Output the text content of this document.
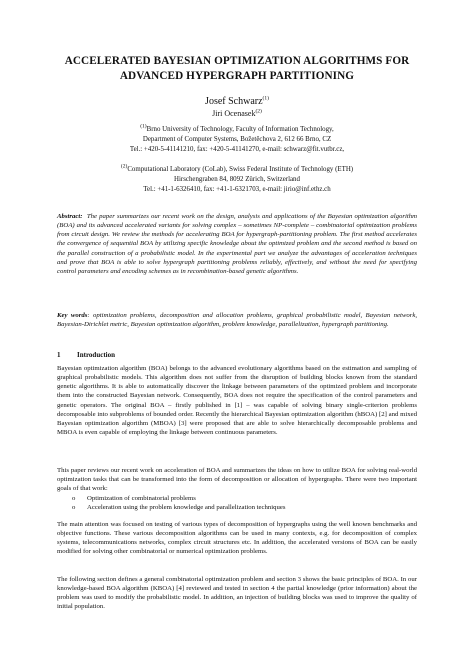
ACCELERATED BAYESIAN OPTIMIZATION ALGORITHMS FOR
ADVANCED HYPERGRAPH PARTITIONING
Josef Schwarz$^{(1)}$
Jiri Ocenasek$^{(2)}$
$^{(1)}$Brno University of Technology, Faculty of Information Technology,
Department of Computer Systems, Božetěchova 2, 612 66 Brno, CZ
Tel.: +420-5-41141210, fax: +420-5-41141270, e-mail: schwarz@fit.vutbr.cz,
$^{(2)}$Computational Laboratory (CoLab), Swiss Federal Institute of Technology (ETH)
Hirschengraben 84, 8092 Zürich, Switzerland
Tel.: +41-1-6326410, fax: +41-1-6321703, e-mail: jirio@inf.ethz.ch
Abstract: The paper summarizes our recent work on the design, analysis and applications of the Bayesian optimization algorithm (BOA) and its advanced accelerated variants for solving complex – sometimes NP-complete – combinatorial optimization problems from circuit design. We review the methods for accelerating BOA for hypergraph-partitioning problem. The first method accelerates the convergence of sequential BOA by utilizing specific knowledge about the optimized problem and the second method is based on the parallel construction of a probabilistic model. In the experimental part we analyze the advantages of acceleration techniques and prove that BOA is able to solve hypergraph partitioning problems reliably, effectively, and without the need for specifying control parameters and encoding schemes as in recombination-based genetic algorithms.
Key words: optimization problems, decomposition and allocation problems, graphical probabilistic model, Bayesian network, Bayesian-Dirichlet metric, Bayesian optimization algorithm, problem knowledge, parallelization, hypergraph partitioning.
1 Introduction
Bayesian optimization algorithm (BOA) belongs to the advanced evolutionary algorithms based on the estimation and sampling of graphical probabilistic models. This algorithm does not suffer from the disruption of building blocks known from the standard genetic algorithms. It is able to automatically discover the linkage between parameters of the optimized problem and incorporate them into the constructed Bayesian network. Consequently, BOA does not require the specification of the control parameters and genetic operators. The original BOA – firstly published in [1] – was capable of solving binary single-criterion problems decomposable into subproblems of bounded order. Recently the hierarchical Bayesian optimization algorithm (hBOA) [2] and mixed Bayesian optimization algorithm (MBOA) [3] were proposed that are able to solve hierarchically decomposable problems and MBOA is even capable of employing the linkage between continuous parameters.
This paper reviews our recent work on acceleration of BOA and summarizes the ideas on how to utilize BOA for solving real-world optimization tasks that can be transformed into the form of decomposition or allocation of hypergraphs. There were two important goals of that work:
o Optimization of combinatorial problems
o Acceleration using the problem knowledge and parallelization techniques
The main attention was focused on testing of various types of decomposition of hypergraphs using the well known benchmarks and objective functions. These various decomposition algorithms can be used in many contexts, e.g. for decomposition of complex systems, telecommunications networks, complex circuit structures etc. In addition, the accelerated versions of BOA can be easily modified for solving other combinatorial or numerical optimization problems.
The following section defines a general combinatorial optimization problem and section 3 shows the basic principles of BOA. In our knowledge-based BOA algorithm (KBOA) [4] reviewed and tested in section 4 the partial knowledge (prior information) about the problem was used to modify the probabilistic model. In addition, an injection of building blocks was used to improve the quality of initial population.
